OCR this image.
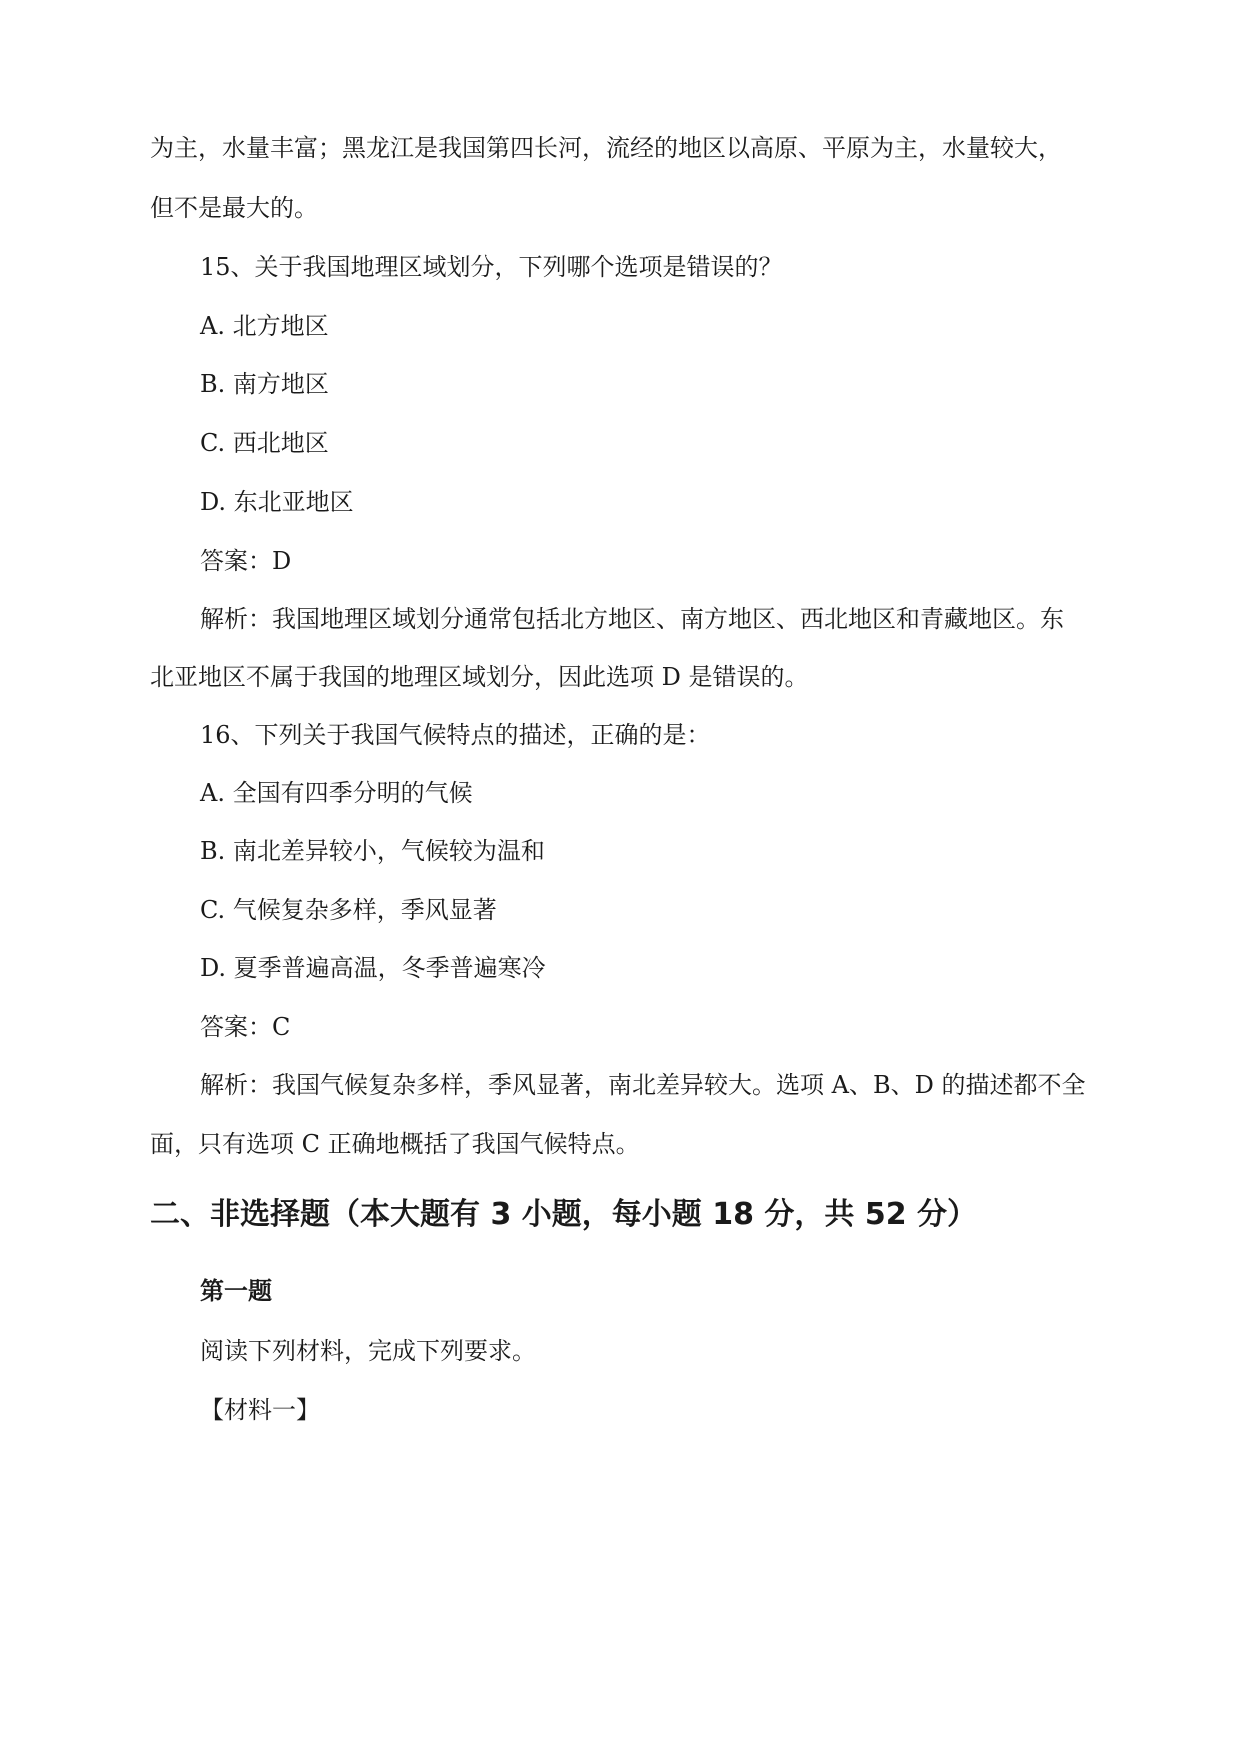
为主，水量丰富；黑龙江是我国第四长河，流经的地区以高原、平原为主，水量较大，
但不是最大的。
15、关于我国地理区域划分，下列哪个选项是错误的？
A. 北方地区
B. 南方地区
C. 西北地区
D. 东北亚地区
答案：D
解析：我国地理区域划分通常包括北方地区、南方地区、西北地区和青藏地区。东
北亚地区不属于我国的地理区域划分，因此选项 D 是错误的。
16、下列关于我国气候特点的描述，正确的是：
A. 全国有四季分明的气候
B. 南北差异较小，气候较为温和
C. 气候复杂多样，季风显著
D. 夏季普遍高温，冬季普遍寒冷
答案：C
解析：我国气候复杂多样，季风显著，南北差异较大。选项 A、B、D 的描述都不全
面，只有选项 C 正确地概括了我国气候特点。
二、非选择题（本大题有 3 小题，每小题 18 分，共 52 分）
第一题
阅读下列材料，完成下列要求。
【材料一】
